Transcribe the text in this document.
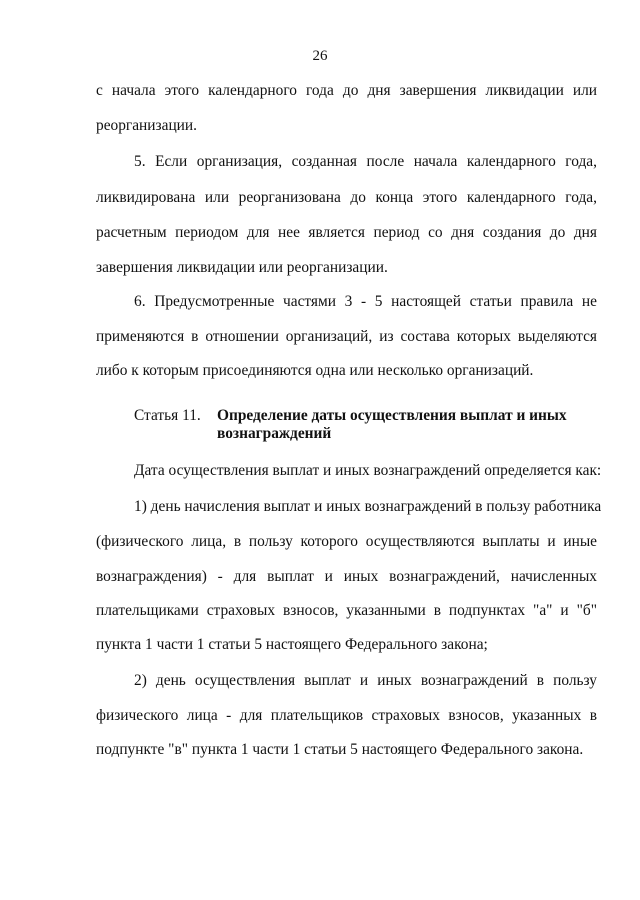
26
с начала этого календарного года до дня завершения ликвидации или
реорганизации.
5. Если организация, созданная после начала календарного года,
ликвидирована или реорганизована до конца этого календарного года,
расчетным периодом для нее является период со дня создания до дня
завершения ликвидации или реорганизации.
6. Предусмотренные частями 3 - 5 настоящей статьи правила не
применяются в отношении организаций, из состава которых выделяются
либо к которым присоединяются одна или несколько организаций.
Статья 11. Определение даты осуществления выплат и иных
вознаграждений
Дата осуществления выплат и иных вознаграждений определяется как:
1) день начисления выплат и иных вознаграждений в пользу работника
(физического лица, в пользу которого осуществляются выплаты и иные
вознаграждения) - для выплат и иных вознаграждений, начисленных
плательщиками страховых взносов, указанными в подпунктах "а" и "б"
пункта 1 части 1 статьи 5 настоящего Федерального закона;
2) день осуществления выплат и иных вознаграждений в пользу
физического лица - для плательщиков страховых взносов, указанных в
подпункте "в" пункта 1 части 1 статьи 5 настоящего Федерального закона.
